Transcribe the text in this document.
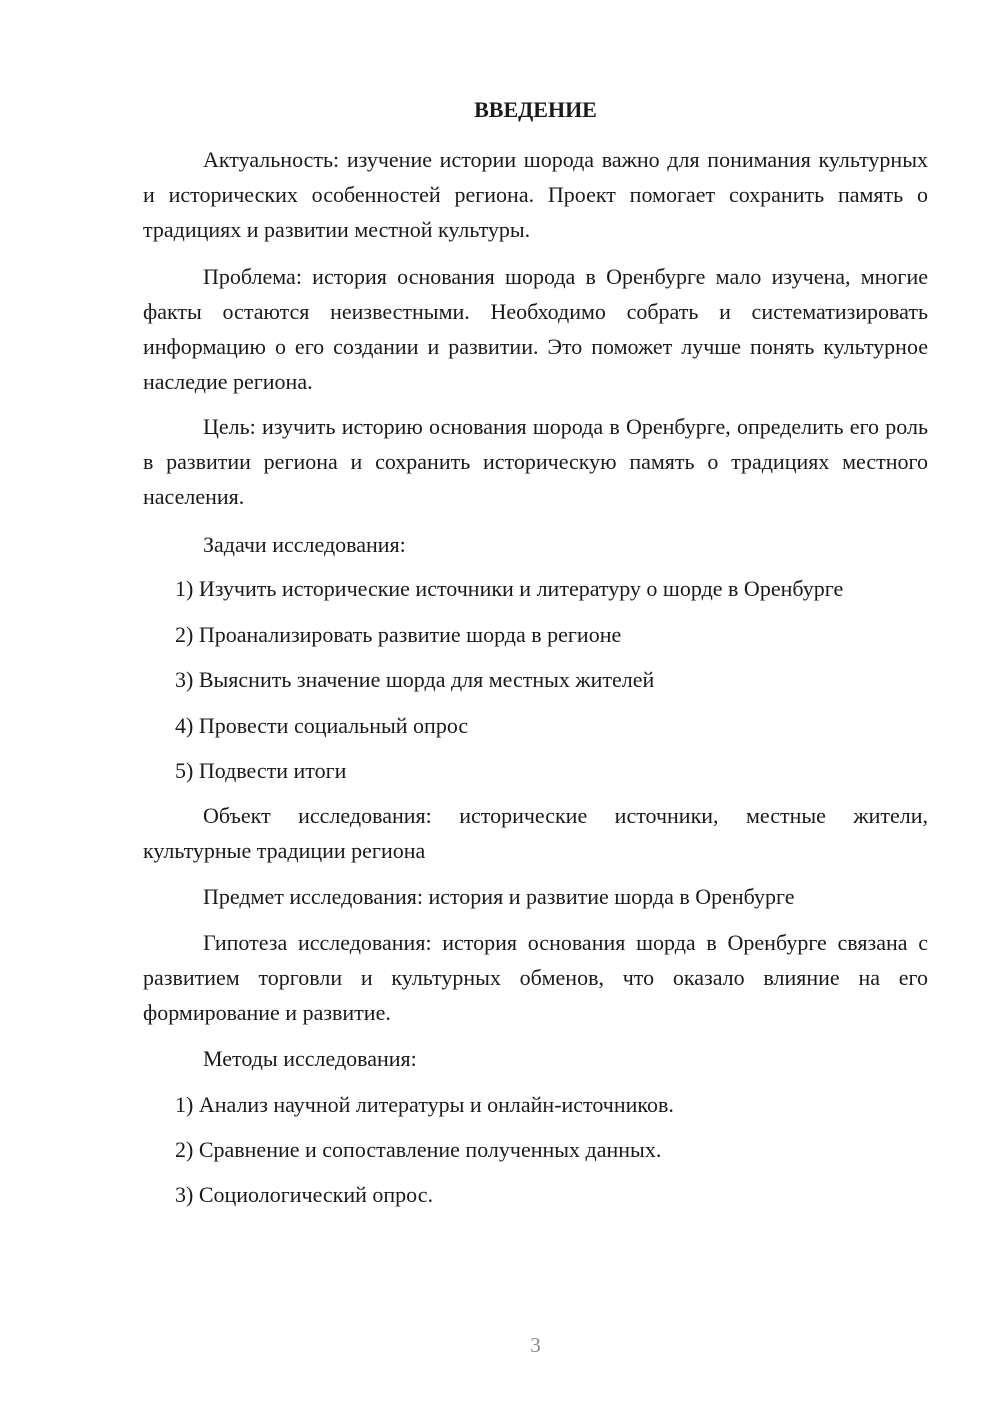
ВВЕДЕНИЕ

Актуальность: изучение истории шорода важно для понимания культурных и исторических особенностей региона. Проект помогает сохранить память о традициях и развитии местной культуры.

Проблема: история основания шорода в Оренбурге мало изучена, многие факты остаются неизвестными. Необходимо собрать и систематизировать информацию о его создании и развитии. Это поможет лучше понять культурное наследие региона.

Цель: изучить историю основания шорода в Оренбурге, определить его роль в развитии региона и сохранить историческую память о традициях местного населения.

Задачи исследования:

1) Изучить исторические источники и литературу о шорде в Оренбурге

2) Проанализировать развитие шорда в регионе

3) Выяснить значение шорда для местных жителей

4) Провести социальный опрос

5) Подвести итоги

Объект исследования: исторические источники, местные жители, культурные традиции региона

Предмет исследования: история и развитие шорда в Оренбурге

Гипотеза исследования: история основания шорда в Оренбурге связана с развитием торговли и культурных обменов, что оказало влияние на его формирование и развитие.

Методы исследования:

1) Анализ научной литературы и онлайн-источников.

2) Сравнение и сопоставление полученных данных.

3) Социологический опрос.

3
